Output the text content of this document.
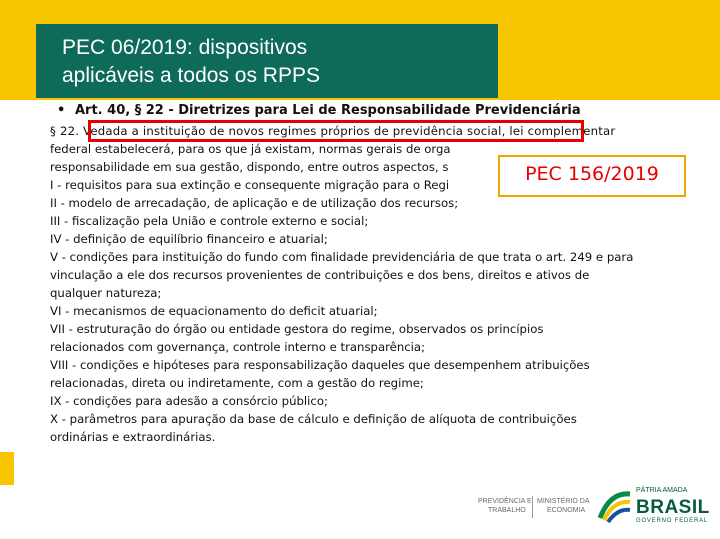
PEC 06/2019: dispositivos
aplicáveis a todos os RPPS
• Art. 40, § 22 - Diretrizes para Lei de Responsabilidade Previdenciária
§ 22. Vedada a instituição de novos regimes próprios de previdência social, lei complementar
federal estabelecerá, para os que já existam, normas gerais de orga
responsabilidade em sua gestão, dispondo, entre outros aspectos, s
I - requisitos para sua extinção e consequente migração para o Regi
II - modelo de arrecadação, de aplicação e de utilização dos recursos;
III - fiscalização pela União e controle externo e social;
IV - definição de equilíbrio financeiro e atuarial;
V - condições para instituição do fundo com finalidade previdenciária de que trata o art. 249 e para
vinculação a ele dos recursos provenientes de contribuições e dos bens, direitos e ativos de
qualquer natureza;
VI - mecanismos de equacionamento do deficit atuarial;
VII - estruturação do órgão ou entidade gestora do regime, observados os princípios
relacionados com governança, controle interno e transparência;
VIII - condições e hipóteses para responsabilização daqueles que desempenhem atribuições
relacionadas, direta ou indiretamente, com a gestão do regime;
IX - condições para adesão a consórcio público;
X - parâmetros para apuração da base de cálculo e definição de alíquota de contribuições
ordinárias e extraordinárias.
PEC 156/2019
PREVIDÊNCIA E
TRABALHO
MINISTÉRIO DA
ECONOMIA
PÁTRIA AMADA
BRASIL
GOVERNO FEDERAL
